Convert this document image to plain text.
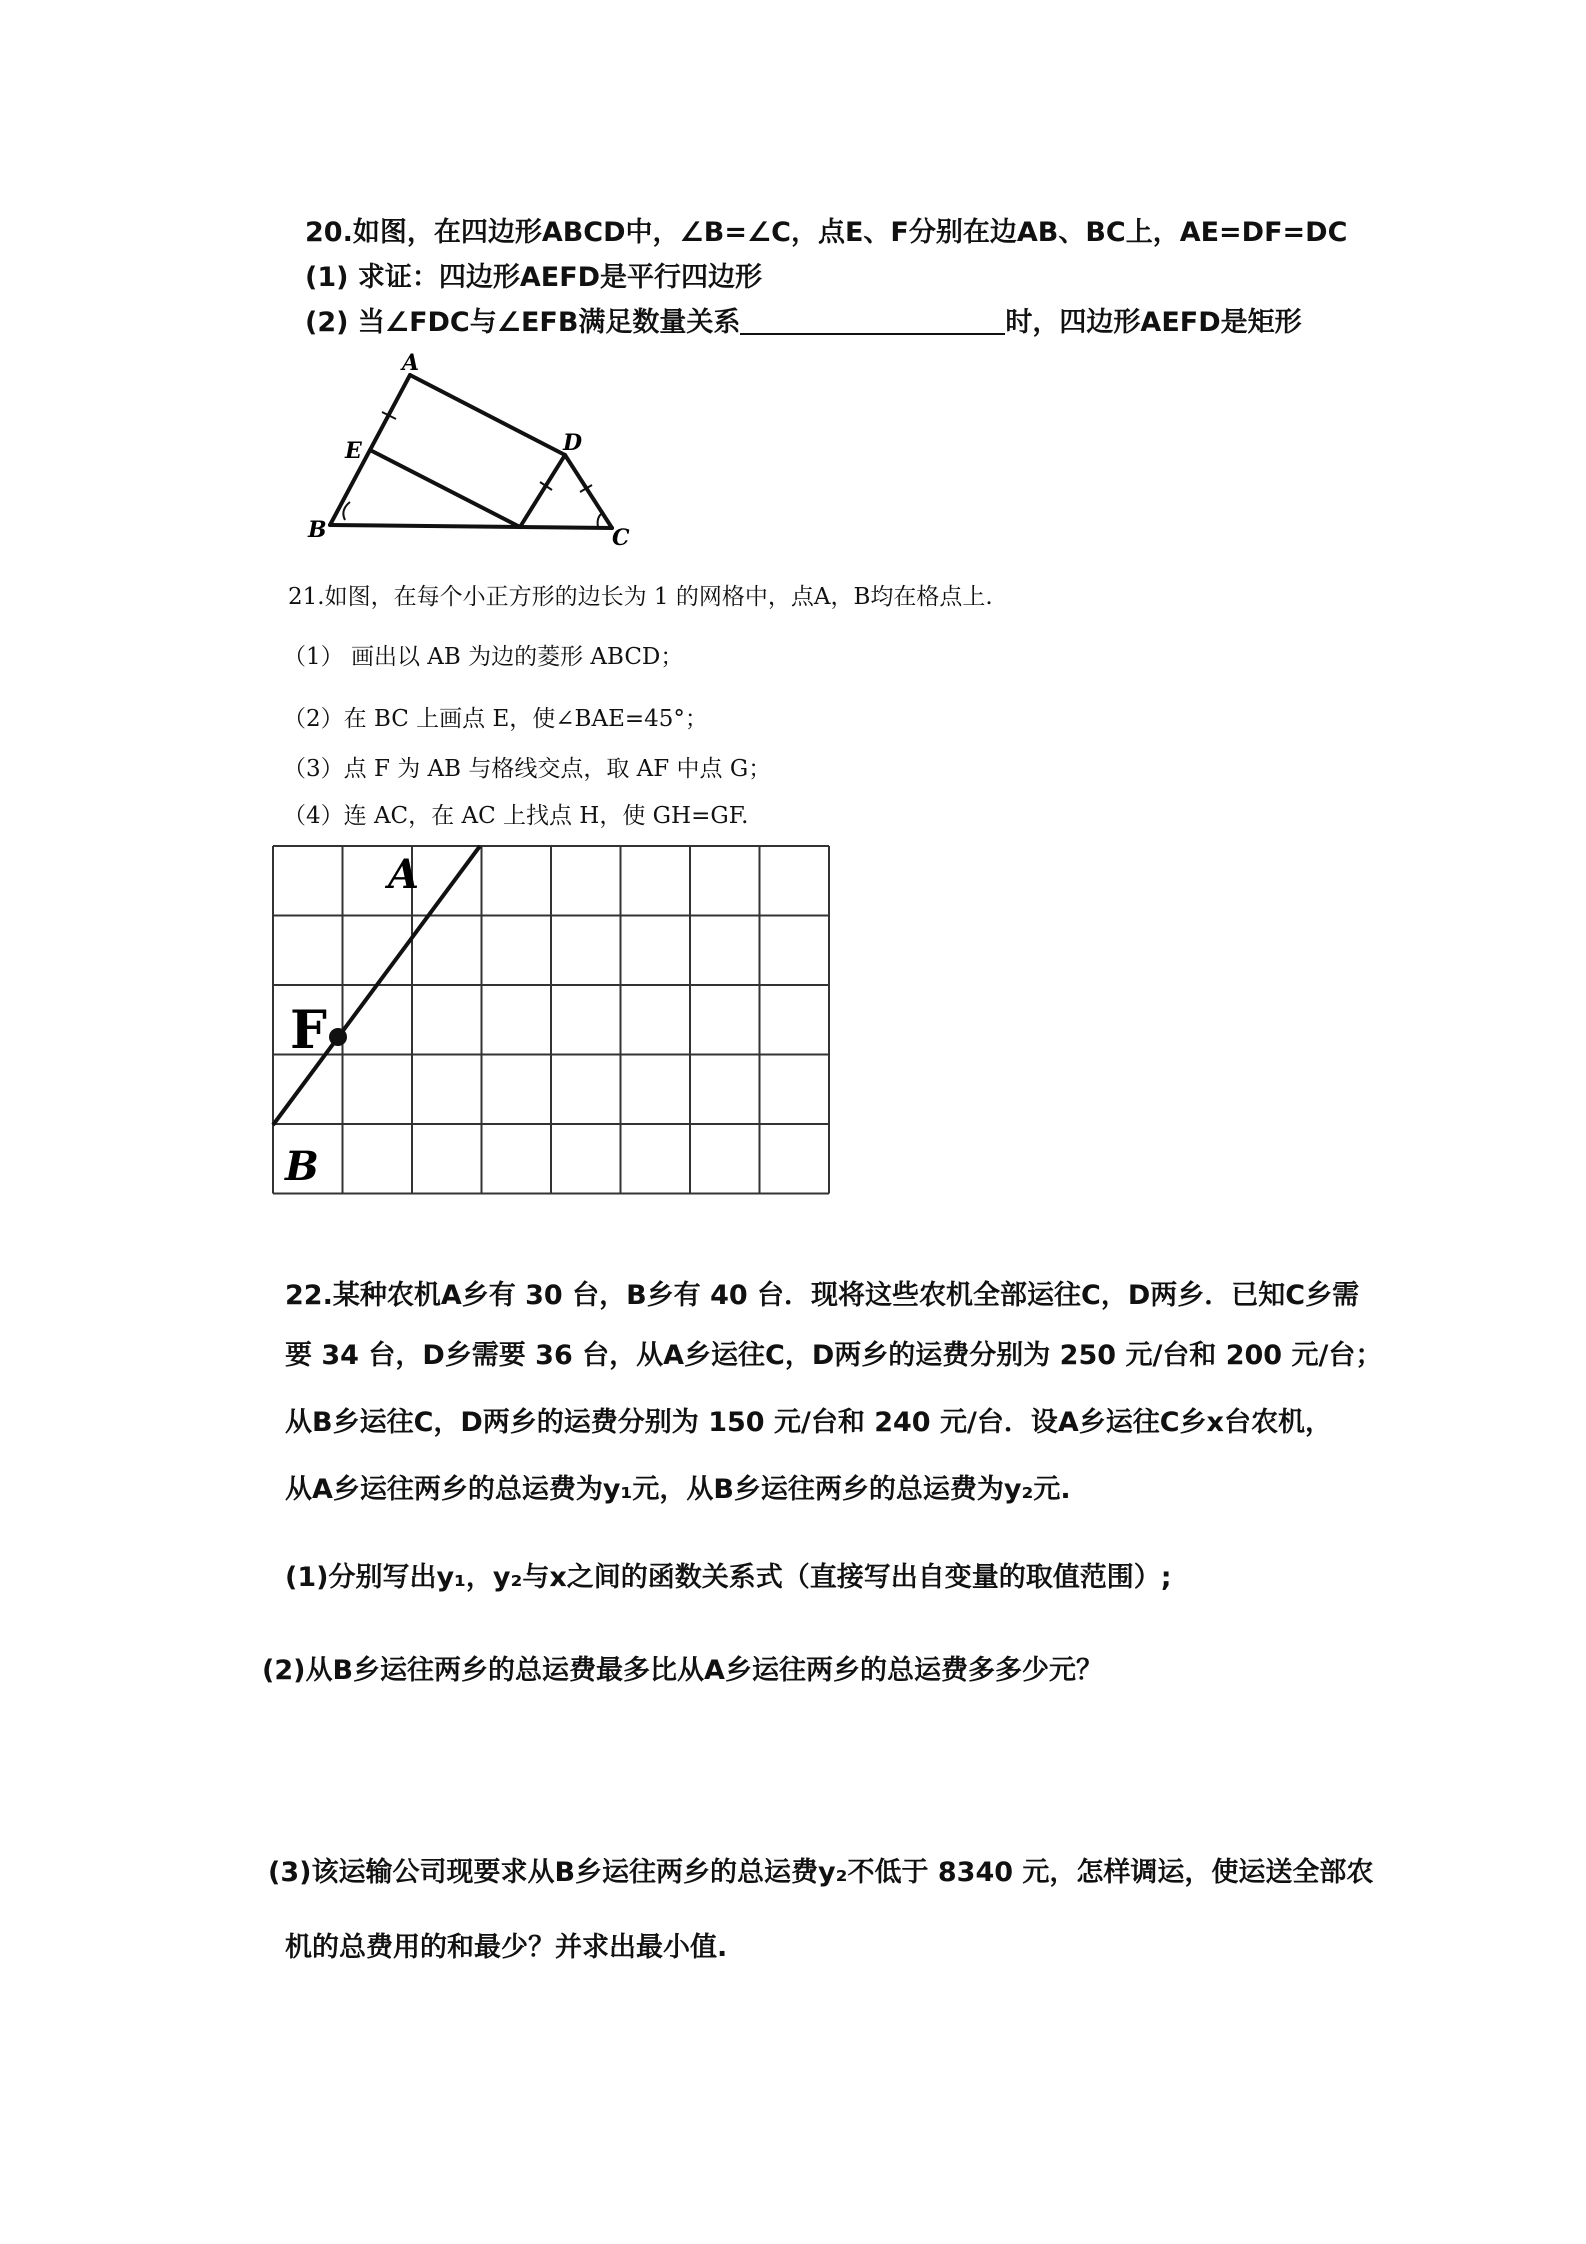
20.如图，在四边形ABCD中，∠B=∠C，点E、F分别在边AB、BC上，AE=DF=DC
(1) 求证：四边形AEFD是平行四边形
(2) 当∠FDC与∠EFB满足数量关系	时，四边形AEFD是矩形
A
E	D
B	C
21.如图，在每个小正方形的边长为 1 的网格中，点A，B均在格点上.
（1） 画出以 AB 为边的菱形 ABCD；
（2）在 BC 上画点 E，使∠BAE=45°；
（3）点 F 为 AB 与格线交点，取 AF 中点 G；
（4）连 AC，在 AC 上找点 H，使 GH=GF.
A
F
B
22.某种农机A乡有 30 台，B乡有 40 台．现将这些农机全部运往C，D两乡．已知C乡需
要 34 台，D乡需要 36 台，从A乡运往C，D两乡的运费分别为 250 元/台和 200 元/台；
从B乡运往C，D两乡的运费分别为 150 元/台和 240 元/台．设A乡运往C乡x台农机，
从A乡运往两乡的总运费为y₁元，从B乡运往两乡的总运费为y₂元.
(1)分别写出y₁，y₂与x之间的函数关系式（直接写出自变量的取值范围）;
(2)从B乡运往两乡的总运费最多比从A乡运往两乡的总运费多多少元？
(3)该运输公司现要求从B乡运往两乡的总运费y₂不低于 8340 元，怎样调运，使运送全部农
机的总费用的和最少？并求出最小值.
